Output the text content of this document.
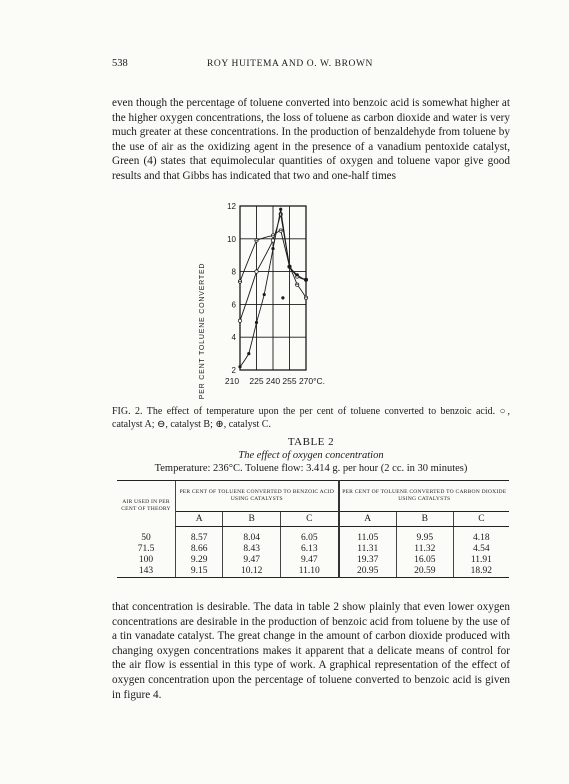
538	ROY HUITEMA AND O. W. BROWN

even though the percentage of toluene converted into benzoic acid is somewhat higher at the higher oxygen concentrations, the loss of toluene as carbon dioxide and water is very much greater at these concentrations. In the production of benzaldehyde from toluene by the use of air as the oxidizing agent in the presence of a vanadium pentoxide catalyst, Green (4) states that equimolecular quantities of oxygen and toluene vapor give good results and that Gibbs has indicated that two and one-half times

210 225 240 255 270°C.
2
4
6
8
10
12
PER CENT TOLUENE CONVERTED

FIG. 2. The effect of temperature upon the per cent of toluene converted to benzoic acid. ○, catalyst A; ⊖, catalyst B; ⊕, catalyst C.

TABLE 2
The effect of oxygen concentration
Temperature: 236°C. Toluene flow: 3.414 g. per hour (2 cc. in 30 minutes)
AIR USED IN PER CENT OF THEORY	PER CENT OF TOLUENE CONVERTED TO BENZOIC ACID USING CATALYSTS			PER CENT OF TOLUENE CONVERTED TO CARBON DIOXIDE USING CATALYSTS		
	A	B	C	A	B	C
50	8.57	8.04	6.05	11.05	9.95	4.18
71.5	8.66	8.43	6.13	11.31	11.32	4.54
100	9.29	9.47	9.47	19.37	16.05	11.91
143	9.15	10.12	11.10	20.95	20.59	18.92

that concentration is desirable. The data in table 2 show plainly that even lower oxygen concentrations are desirable in the production of benzoic acid from toluene by the use of a tin vanadate catalyst. The great change in the amount of carbon dioxide produced with changing oxygen concentrations makes it apparent that a delicate means of control for the air flow is essential in this type of work. A graphical representation of the effect of oxygen concentration upon the percentage of toluene converted to benzoic acid is given in figure 4.
